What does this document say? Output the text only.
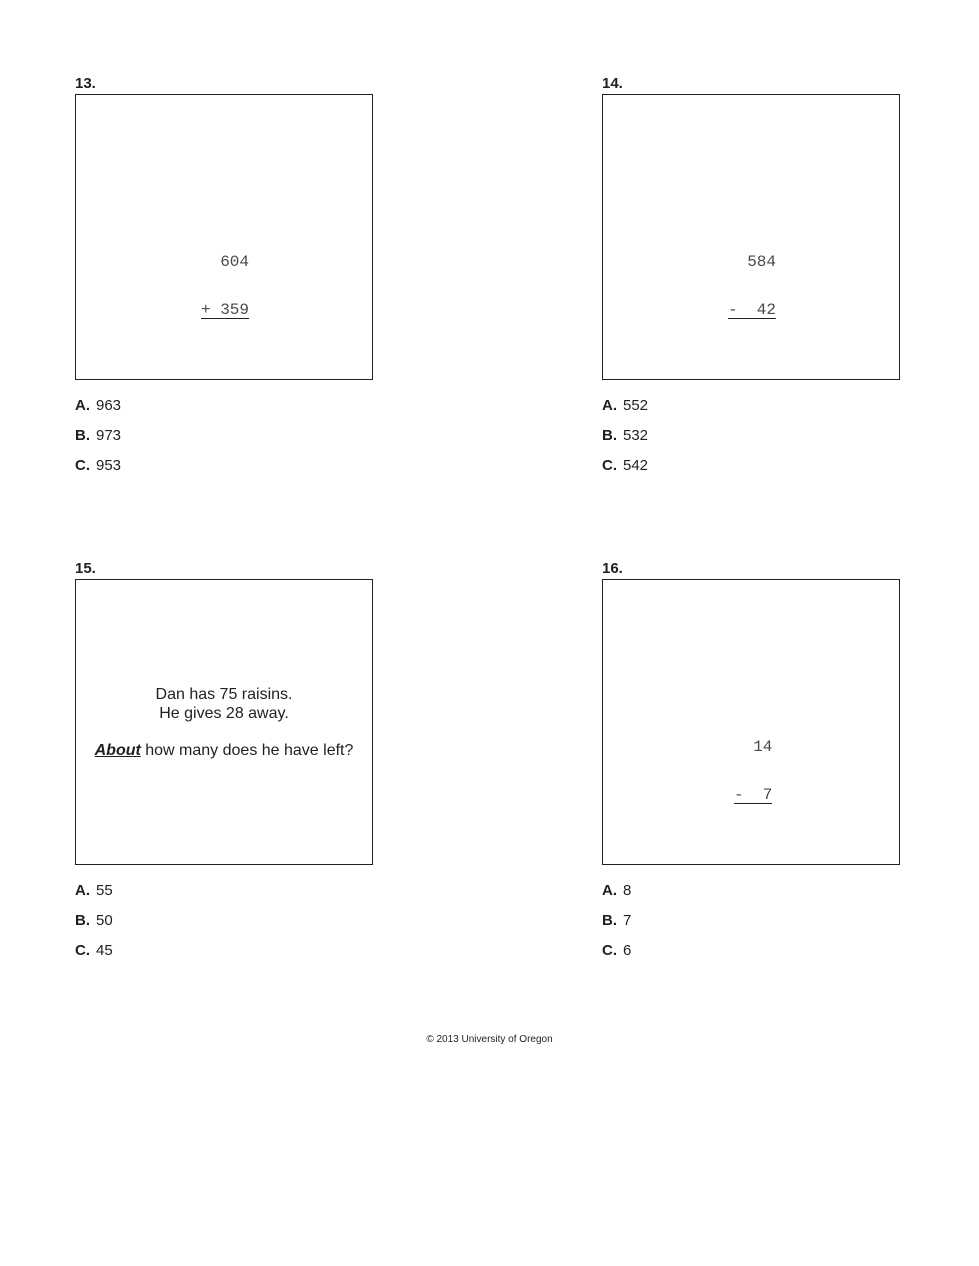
13.

604

+ 359

A. 963
B. 973
C. 953
14.

584

-  42

A. 552
B. 532
C. 542
15.
Dan has 75 raisins.
He gives 28 away.
About how many does he have left?
A. 55
B. 50
C. 45
16.

14

-  7

A. 8
B. 7
C. 6
© 2013 University of Oregon
